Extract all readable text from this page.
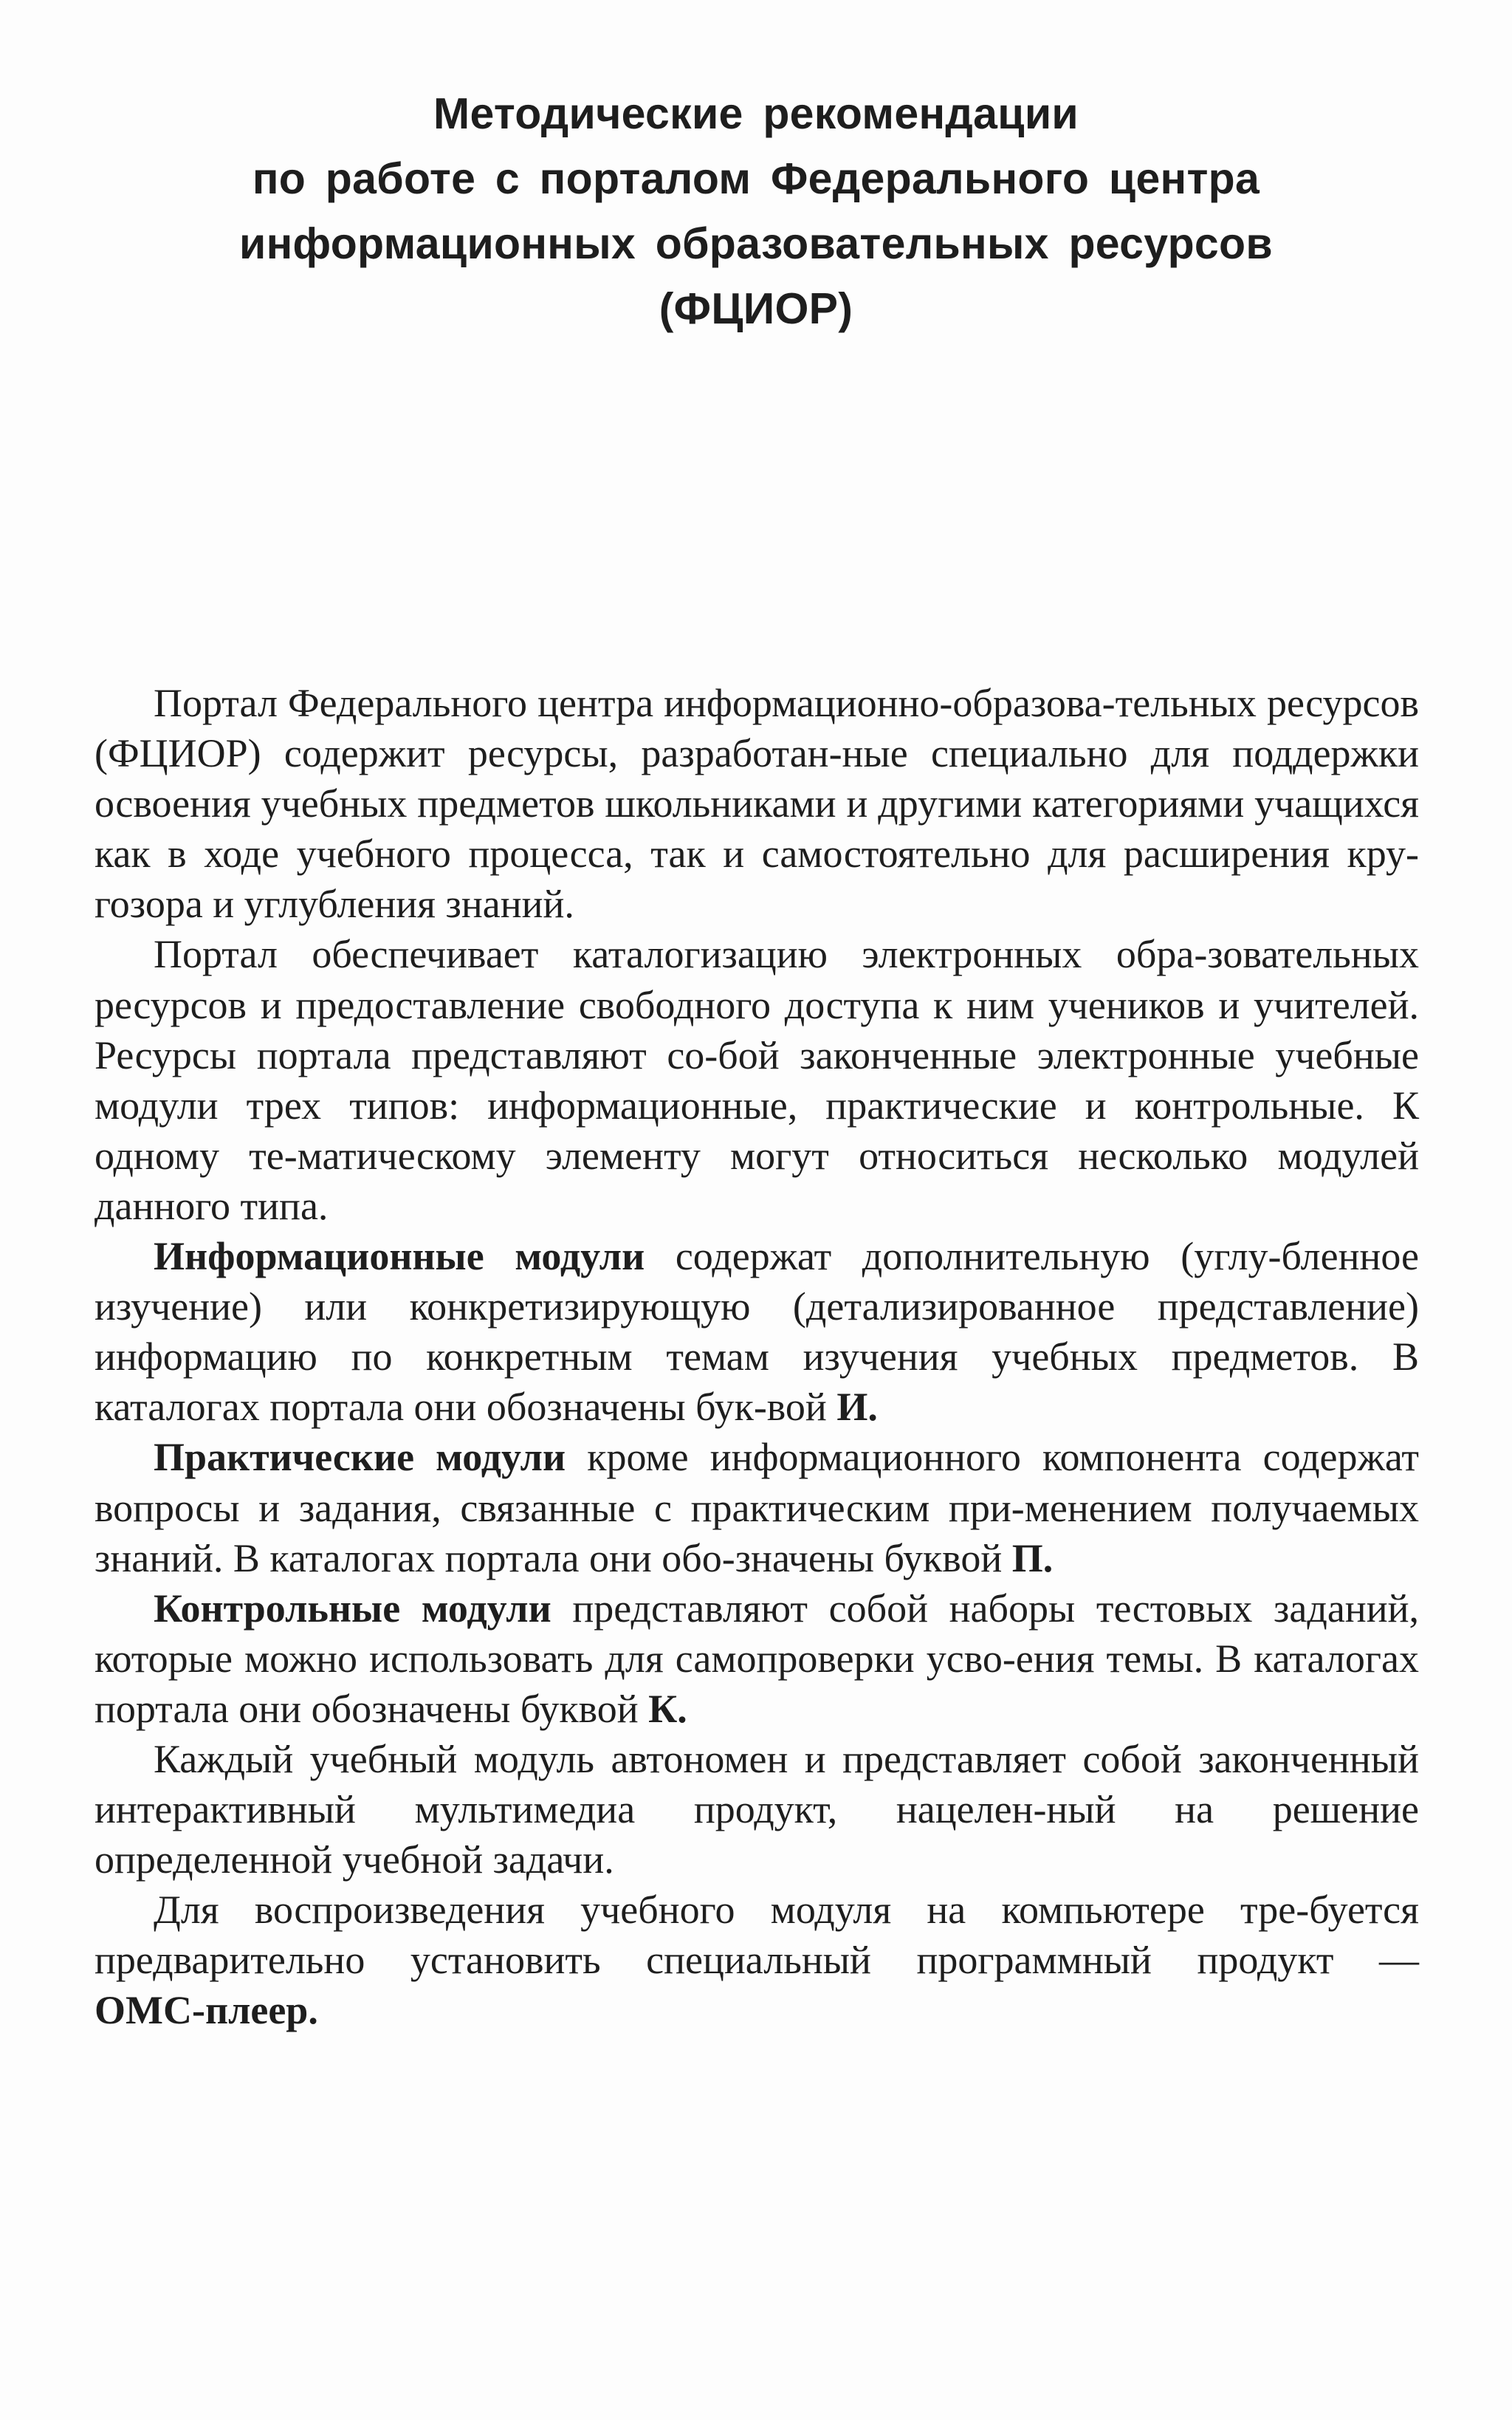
Методические рекомендации
по работе с порталом Федерального центра
информационных образовательных ресурсов
(ФЦИОР)

Портал Федерального центра информационно-образова-тельных ресурсов (ФЦИОР) содержит ресурсы, разработан-ные специально для поддержки освоения учебных предметов школьниками и другими категориями учащихся как в ходе учебного процесса, так и самостоятельно для расширения кру-гозора и углубления знаний.

Портал обеспечивает каталогизацию электронных обра-зовательных ресурсов и предоставление свободного доступа к ним учеников и учителей. Ресурсы портала представляют со-бой законченные электронные учебные модули трех типов: информационные, практические и контрольные. К одному те-матическому элементу могут относиться несколько модулей данного типа.

Информационные модули содержат дополнительную (углу-бленное изучение) или конкретизирующую (детализированное представление) информацию по конкретным темам изучения учебных предметов. В каталогах портала они обозначены бук-вой И.

Практические модули кроме информационного компонента содержат вопросы и задания, связанные с практическим при-менением получаемых знаний. В каталогах портала они обо-значены буквой П.

Контрольные модули представляют собой наборы тестовых заданий, которые можно использовать для самопроверки усво-ения темы. В каталогах портала они обозначены буквой К.

Каждый учебный модуль автономен и представляет собой законченный интерактивный мультимедиа продукт, нацелен-ный на решение определенной учебной задачи.

Для воспроизведения учебного модуля на компьютере тре-буется предварительно установить специальный программный продукт — ОМС-плеер.
